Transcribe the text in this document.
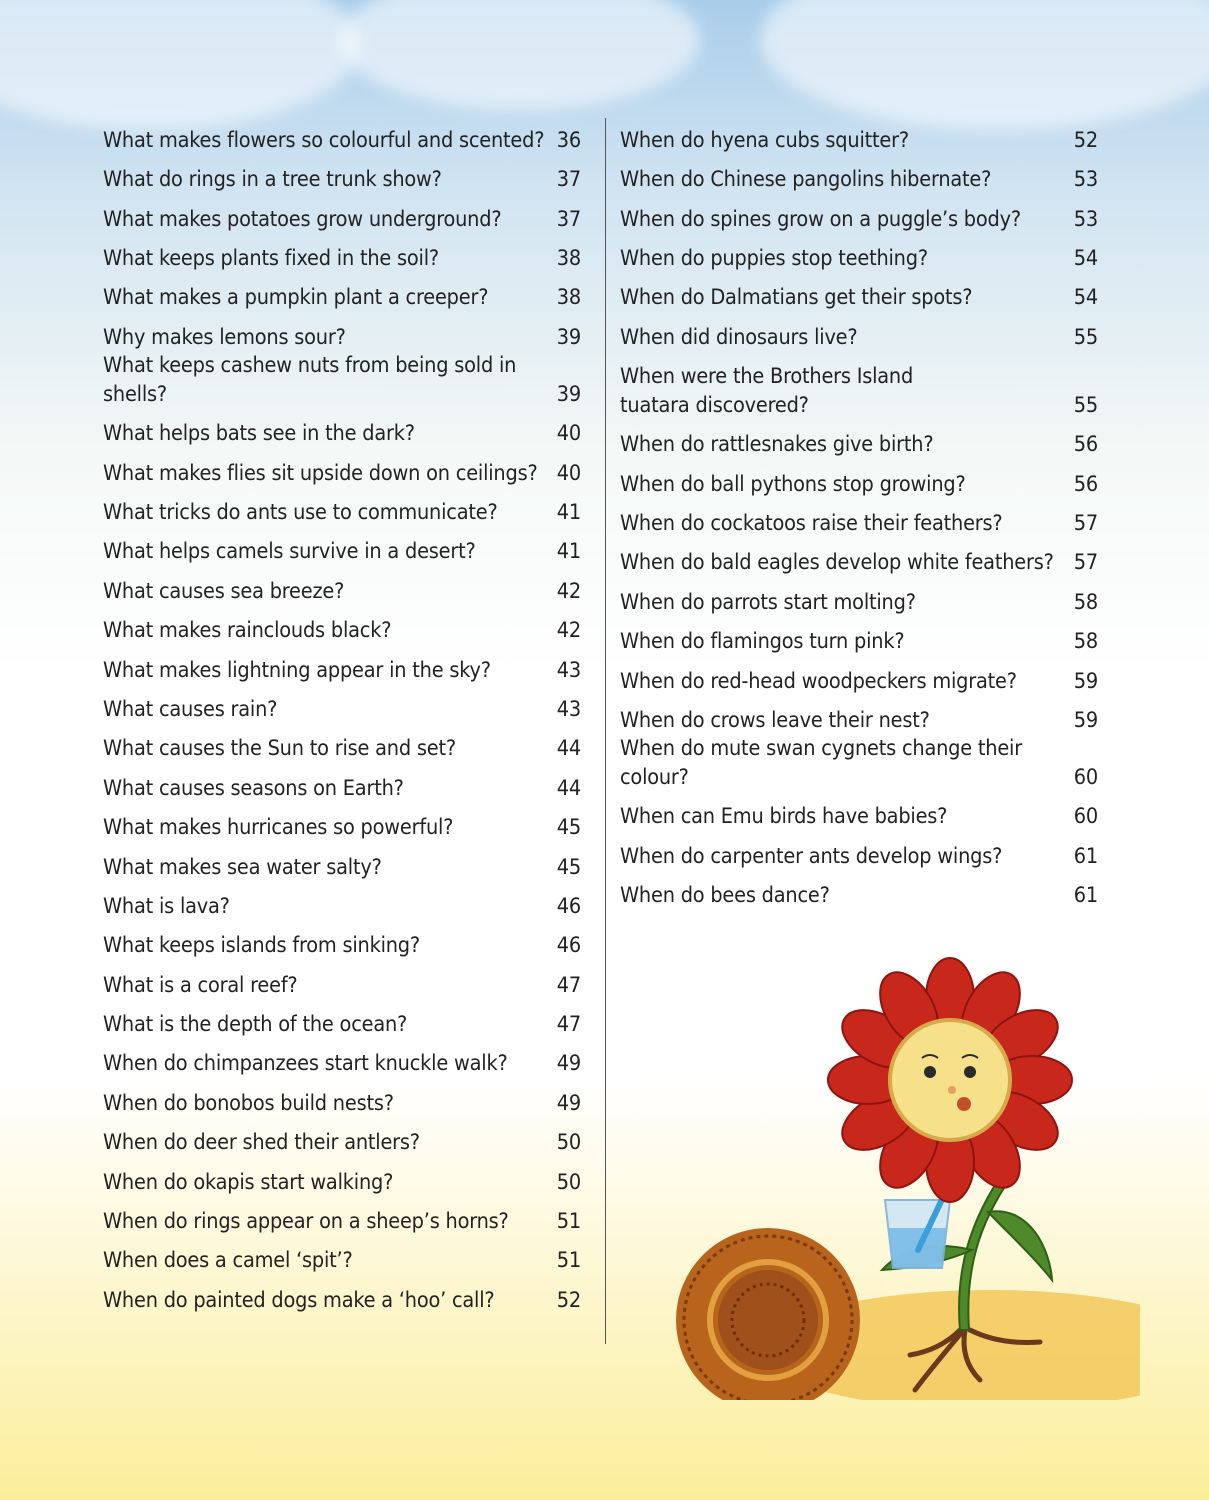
What makes flowers so colourful and scented? 36
What do rings in a tree trunk show?	37
What makes potatoes grow underground?	37
What keeps plants fixed in the soil?	38
What makes a pumpkin plant a creeper?	38
Why makes lemons sour?	39
What keeps cashew nuts from being sold in shells?	39
What helps bats see in the dark?	40
What makes flies sit upside down on ceilings? 40
What tricks do ants use to communicate?	41
What helps camels survive in a desert?	41
What causes sea breeze?	42
What makes rainclouds black?	42
What makes lightning appear in the sky?	43
What causes rain?	43
What causes the Sun to rise and set?	44
What causes seasons on Earth?	44
What makes hurricanes so powerful?	45
What makes sea water salty?	45
What is lava?	46
What keeps islands from sinking?	46
What is a coral reef?	47
What is the depth of the ocean?	47
When do chimpanzees start knuckle walk?	49
When do bonobos build nests?	49
When do deer shed their antlers?	50
When do okapis start walking?	50
When do rings appear on a sheep’s horns?	51
When does a camel ‘spit’?	51
When do painted dogs make a ‘hoo’ call?	52
When do hyena cubs squitter?	52
When do Chinese pangolins hibernate?	53
When do spines grow on a puggle’s body?	53
When do puppies stop teething?	54
When do Dalmatians get their spots?	54
When did dinosaurs live?	55
When were the Brothers Island
tuatara discovered?	55
When do rattlesnakes give birth?	56
When do ball pythons stop growing?	56
When do cockatoos raise their feathers?	57
When do bald eagles develop white feathers? 57
When do parrots start molting?	58
When do flamingos turn pink?	58
When do red-head woodpeckers migrate?	59
When do crows leave their nest?	59
When do mute swan cygnets change their colour?	60
When can Emu birds have babies?	60
When do carpenter ants develop wings?	61
When do bees dance?	61
